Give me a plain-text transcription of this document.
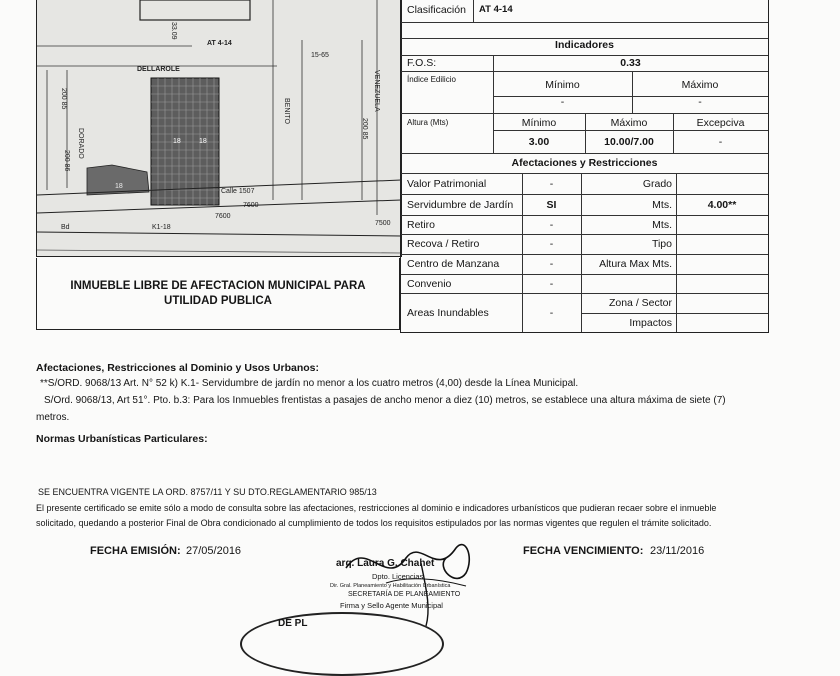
33.09
AT 4-14
15-65
DELLAROLE
BENITO	VENEZUELA
200 85
DORADO
200 85
200 86
18
18	18
Calle 1507
7600
K1-18
7600
7500
Bd
INMUEBLE LIBRE DE AFECTACION MUNICIPAL PARA UTILIDAD PUBLICA
Clasificación AT 4-14
Indicadores
F.O.S:	0.33
Índice Edilicio	Mínimo	Máximo
-	-
Altura (Mts)	Mínimo	Máximo	Excepciva
3.00	10.00/7.00	-
Afectaciones y Restricciones
Valor Patrimonial	-	Grado
Servidumbre de Jardín	SI	Mts.	4.00**
Retiro	-	Mts.
Recova / Retiro	-	Tipo
Centro de Manzana	-	Altura Max Mts.
Convenio	-
Areas Inundables	-
Zona / Sector
Impactos
Afectaciones, Restricciones al Dominio y Usos Urbanos:
**S/ORD. 9068/13 Art. N° 52 k) K.1- Servidumbre de jardín no menor a los cuatro metros (4,00) desde la Línea Municipal.
S/Ord. 9068/13, Art 51°. Pto. b.3: Para los Inmuebles frentistas a pasajes de ancho menor a diez (10) metros, se establece una altura máxima de siete (7)
metros.
Normas Urbanísticas Particulares:
SE ENCUENTRA VIGENTE LA ORD. 8757/11 Y SU DTO.REGLAMENTARIO 985/13
El presente certificado se emite sólo a modo de consulta sobre las afectaciones, restricciones al dominio e indicadores urbanísticos que pudieran recaer sobre el inmueble
solicitado, quedando a posterior Final de Obra condicionado al cumplimiento de todos los requisitos estipulados por las normas vigentes que regulen el trámite solicitado.
FECHA EMISIÓN: 27/05/2016	FECHA VENCIMIENTO: 23/11/2016
arq. Laura G. Chahet
Dpto. Licencias
Dir. Gral. Planeamiento y Habilitación Urbanística
SECRETARÍA DE PLANEAMIENTO
Firma y Sello Agente Municipal
DE PL
